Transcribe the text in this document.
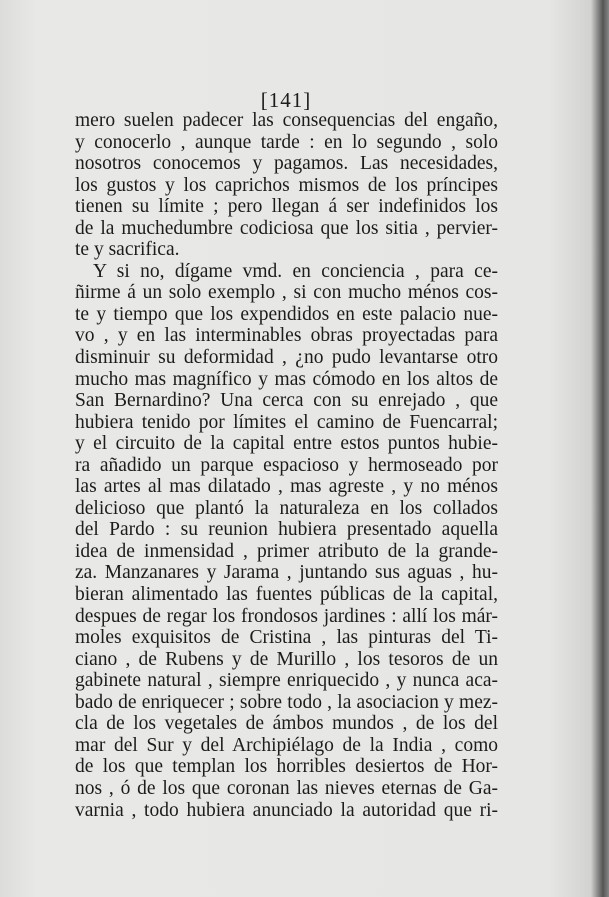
[141]
mero suelen padecer las consequencias del engaño,
y conocerlo , aunque tarde : en lo segundo , solo
nosotros conocemos y pagamos. Las necesidades,
los gustos y los caprichos mismos de los príncipes
tienen su límite ; pero llegan á ser indefinidos los
de la muchedumbre codiciosa que los sitia , pervier-
te y sacrifica.
Y si no, dígame vmd. en conciencia , para ce-
ñirme á un solo exemplo , si con mucho ménos cos-
te y tiempo que los expendidos en este palacio nue-
vo , y en las interminables obras proyectadas para
disminuir su deformidad , ¿no pudo levantarse otro
mucho mas magnífico y mas cómodo en los altos de
San Bernardino? Una cerca con su enrejado , que
hubiera tenido por límites el camino de Fuencarral;
y el circuito de la capital entre estos puntos hubie-
ra añadido un parque espacioso y hermoseado por
las artes al mas dilatado , mas agreste , y no ménos
delicioso que plantó la naturaleza en los collados
del Pardo : su reunion hubiera presentado aquella
idea de inmensidad , primer atributo de la grande-
za. Manzanares y Jarama , juntando sus aguas , hu-
bieran alimentado las fuentes públicas de la capital,
despues de regar los frondosos jardines : allí los már-
moles exquisitos de Cristina , las pinturas del Ti-
ciano , de Rubens y de Murillo , los tesoros de un
gabinete natural , siempre enriquecido , y nunca aca-
bado de enriquecer ; sobre todo , la asociacion y mez-
cla de los vegetales de ámbos mundos , de los del
mar del Sur y del Archipiélago de la India , como
de los que templan los horribles desiertos de Hor-
nos , ó de los que coronan las nieves eternas de Ga-
varnia , todo hubiera anunciado la autoridad que ri-
